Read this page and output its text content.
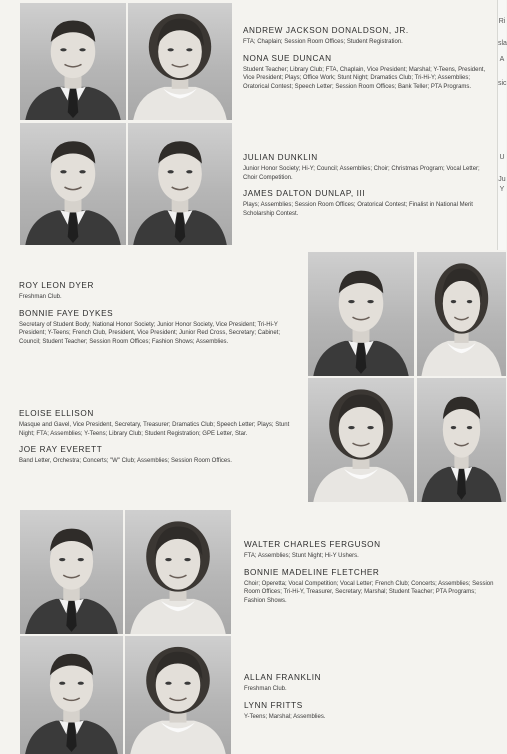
ANDREW JACKSON DONALDSON, JR.

FTA; Chaplain; Session Room Offices; Student Registration.

NONA SUE DUNCAN

Student Teacher; Library Club; FTA, Chaplain, Vice President; Marshal; Y-Teens, President, Vice President; Plays; Office Work; Stunt Night; Dramatics Club; Tri-Hi-Y; Assemblies; Oratorical Contest; Speech Letter; Session Room Offices; Bank Teller; PTA Programs.

JULIAN DUNKLIN

Junior Honor Society; Hi-Y; Council; Assemblies; Choir; Christmas Program; Vocal Letter; Choir Competition.

JAMES DALTON DUNLAP, III

Plays; Assemblies; Session Room Offices; Oratorical Contest; Finalist in National Merit Scholarship Contest.

ROY LEON DYER

Freshman Club.

BONNIE FAYE DYKES

Secretary of Student Body; National Honor Society; Junior Honor Society, Vice President; Tri-Hi-Y President; Y-Teens; French Club, President, Vice President; Junior Red Cross, Secretary; Cabinet; Council; Student Teacher; Session Room Offices; Fashion Shows; Assemblies.

ELOISE ELLISON

Masque and Gavel, Vice President, Secretary, Treasurer; Dramatics Club; Speech Letter; Plays; Stunt Night; FTA; Assemblies; Y-Teens; Library Club; Student Registration; GPE Letter, Star.

JOE RAY EVERETT

Band Letter, Orchestra; Concerts; "W" Club; Assemblies; Session Room Offices.

WALTER CHARLES FERGUSON

FTA; Assemblies; Stunt Night; Hi-Y Ushers.

BONNIE MADELINE FLETCHER

Choir; Operetta; Vocal Competition; Vocal Letter; French Club; Concerts; Assemblies; Session Room Offices; Tri-Hi-Y, Treasurer, Secretary; Marshal; Student Teacher; PTA Programs; Fashion Shows.

ALLAN FRANKLIN

Freshman Club.

LYNN FRITTS

Y-Teens; Marshal; Assemblies.

Ri
sla
A
sic
Ju
Y
U
